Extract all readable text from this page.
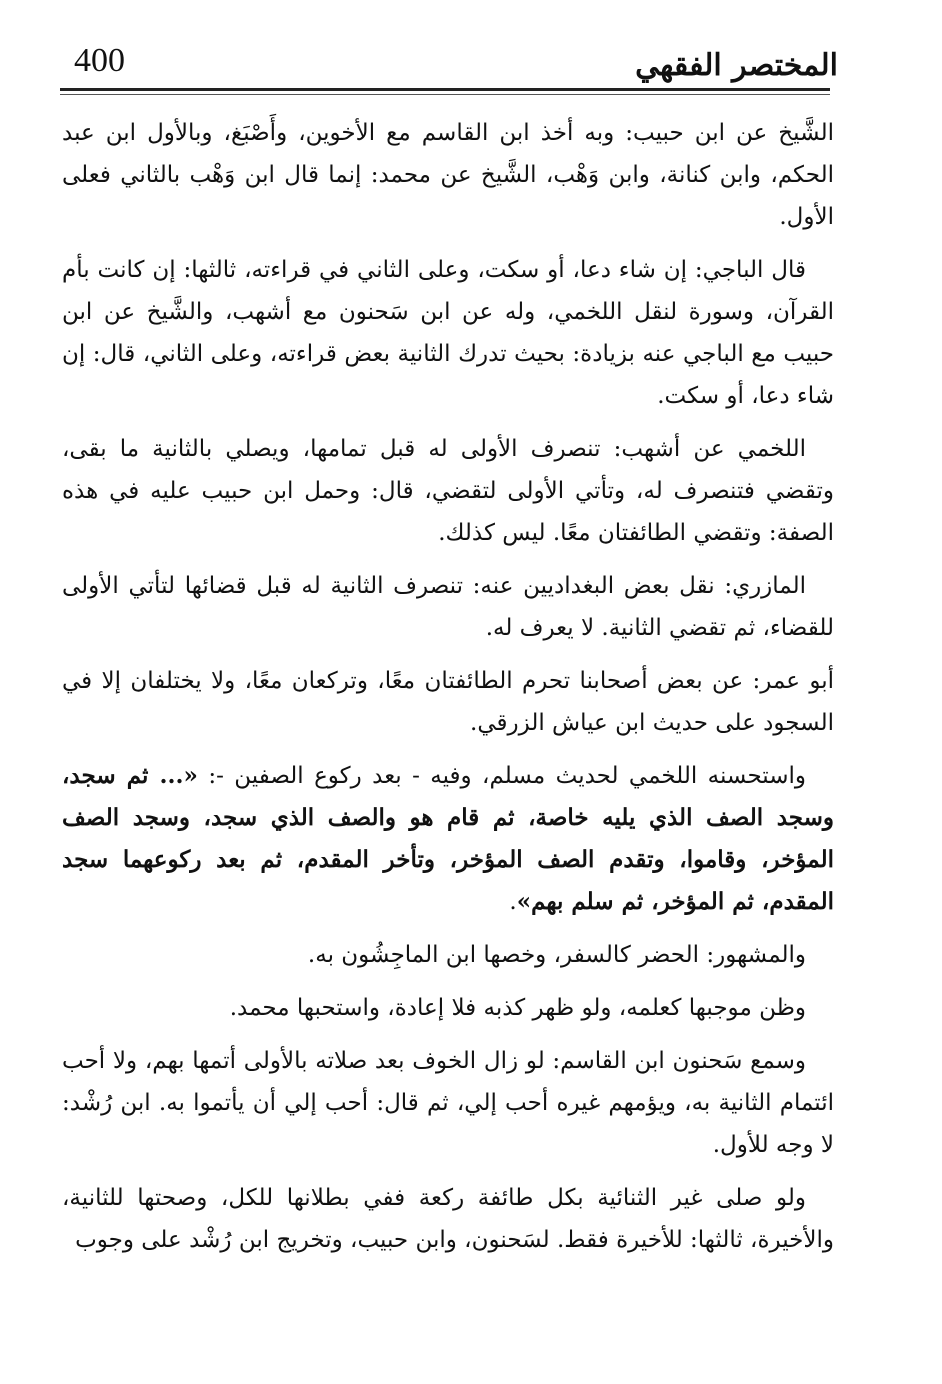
400	المختصر الفقهي

الشَّيخ عن ابن حبيب: وبه أخذ ابن القاسم مع الأخوين، وأَصْبَغ، وبالأول ابن عبد الحكم، وابن كنانة، وابن وَهْب، الشَّيخ عن محمد: إنما قال ابن وَهْب بالثاني فعلى الأول.

قال الباجي: إن شاء دعا، أو سكت، وعلى الثاني في قراءته، ثالثها: إن كانت بأم القرآن، وسورة لنقل اللخمي، وله عن ابن سَحنون مع أشهب، والشَّيخ عن ابن حبيب مع الباجي عنه بزيادة: بحيث تدرك الثانية بعض قراءته، وعلى الثاني، قال: إن شاء دعا، أو سكت.

اللخمي عن أشهب: تنصرف الأولى له قبل تمامها، ويصلي بالثانية ما بقى، وتقضي فتنصرف له، وتأتي الأولى لتقضي، قال: وحمل ابن حبيب عليه في هذه الصفة: وتقضي الطائفتان معًا. ليس كذلك.

المازري: نقل بعض البغداديين عنه: تنصرف الثانية له قبل قضائها لتأتي الأولى للقضاء، ثم تقضي الثانية. لا يعرف له.

أبو عمر: عن بعض أصحابنا تحرم الطائفتان معًا، وتركعان معًا، ولا يختلفان إلا في السجود على حديث ابن عياش الزرقي.

واستحسنه اللخمي لحديث مسلم، وفيه - بعد ركوع الصفين -: «... ثم سجد، وسجد الصف الذي يليه خاصة، ثم قام هو والصف الذي سجد، وسجد الصف المؤخر، وقاموا، وتقدم الصف المؤخر، وتأخر المقدم، ثم بعد ركوعهما سجد المقدم، ثم المؤخر، ثم سلم بهم».

والمشهور: الحضر كالسفر، وخصها ابن الماجِشُون به.

وظن موجبها كعلمه، ولو ظهر كذبه فلا إعادة، واستحبها محمد.

وسمع سَحنون ابن القاسم: لو زال الخوف بعد صلاته بالأولى أتمها بهم، ولا أحب ائتمام الثانية به، ويؤمهم غيره أحب إلي، ثم قال: أحب إلي أن يأتموا به. ابن رُشْد: لا وجه للأول.

ولو صلى غير الثنائية بكل طائفة ركعة ففي بطلانها للكل، وصحتها للثانية، والأخيرة، ثالثها: للأخيرة فقط. لسَحنون، وابن حبيب، وتخريج ابن رُشْد على وجوب
